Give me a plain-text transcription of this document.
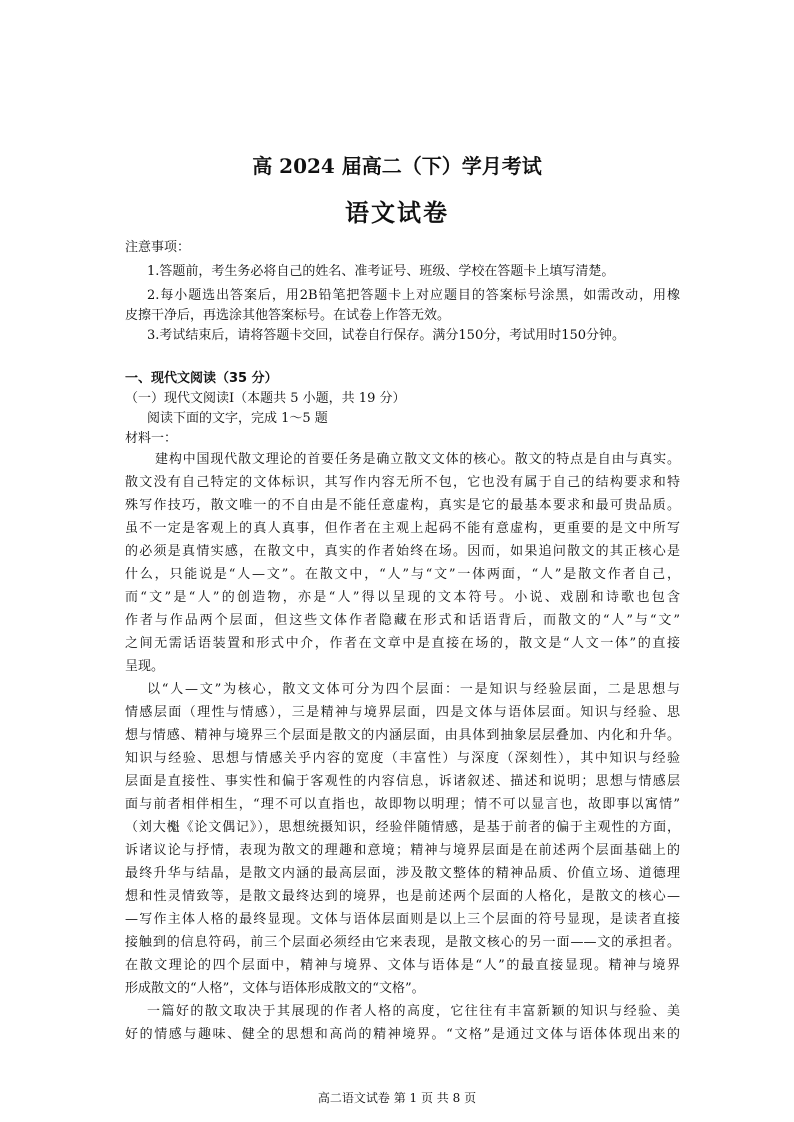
高 2024 届高二（下）学月考试
语文试卷
注意事项：
1.答题前，考生务必将自己的姓名、准考证号、班级、学校在答题卡上填写清楚。
2.每小题选出答案后，用2B铅笔把答题卡上对应题目的答案标号涂黑，如需改动，用橡
皮擦干净后，再选涂其他答案标号。在试卷上作答无效。
3.考试结束后，请将答题卡交回，试卷自行保存。满分150分，考试用时150分钟。
一、现代文阅读（35 分）
（一）现代文阅读Ⅰ（本题共 5 小题，共 19 分）
阅读下面的文字，完成 1～5 题
材料一：
建构中国现代散文理论的首要任务是确立散文文体的核心。散文的特点是自由与真实。
散文没有自己特定的文体标识，其写作内容无所不包，它也没有属于自己的结构要求和特
殊写作技巧，散文唯一的不自由是不能任意虚构，真实是它的最基本要求和最可贵品质。
虽不一定是客观上的真人真事，但作者在主观上起码不能有意虚构，更重要的是文中所写
的必须是真情实感，在散文中，真实的作者始终在场。因而，如果追问散文的其正核心是
什么，只能说是“人—文”。在散文中，“人”与“文”一体两面，“人”是散文作者自己，
而“文”是“人”的创造物，亦是“人”得以呈现的文本符号。小说、戏剧和诗歌也包含
作者与作品两个层面，但这些文体作者隐藏在形式和话语背后，而散文的“人”与“文”
之间无需话语装置和形式中介，作者在文章中是直接在场的，散文是“人文一体”的直接
呈现。
以“人—文”为核心，散文文体可分为四个层面：一是知识与经验层面，二是思想与
情感层面（理性与情感），三是精神与境界层面，四是文体与语体层面。知识与经验、思
想与情感、精神与境界三个层面是散文的内涵层面，由具体到抽象层层叠加、内化和升华。
知识与经验、思想与情感关乎内容的宽度（丰富性）与深度（深刻性），其中知识与经验
层面是直接性、事实性和偏于客观性的内容信息，诉诸叙述、描述和说明；思想与情感层
面与前者相伴相生，“理不可以直指也，故即物以明理；情不可以显言也，故即事以寓情”
（刘大櫆《论文偶记》），思想统摄知识，经验伴随情感，是基于前者的偏于主观性的方面，
诉诸议论与抒情，表现为散文的理趣和意境；精神与境界层面是在前述两个层面基础上的
最终升华与结晶，是散文内涵的最高层面，涉及散文整体的精神品质、价值立场、道德理
想和性灵情致等，是散文最终达到的境界，也是前述两个层面的人格化，是散文的核心—
—写作主体人格的最终显现。文体与语体层面则是以上三个层面的符号显现，是读者直接
接触到的信息符码，前三个层面必须经由它来表现，是散文核心的另一面——文的承担者。
在散文理论的四个层面中，精神与境界、文体与语体是“人”的最直接显现。精神与境界
形成散文的“人格”，文体与语体形成散文的“文格”。
一篇好的散文取决于其展现的作者人格的高度，它往往有丰富新颖的知识与经验、美
好的情感与趣味、健全的思想和高尚的精神境界。“文格”是通过文体与语体体现出来的
高二语文试卷 第 1 页 共 8 页
